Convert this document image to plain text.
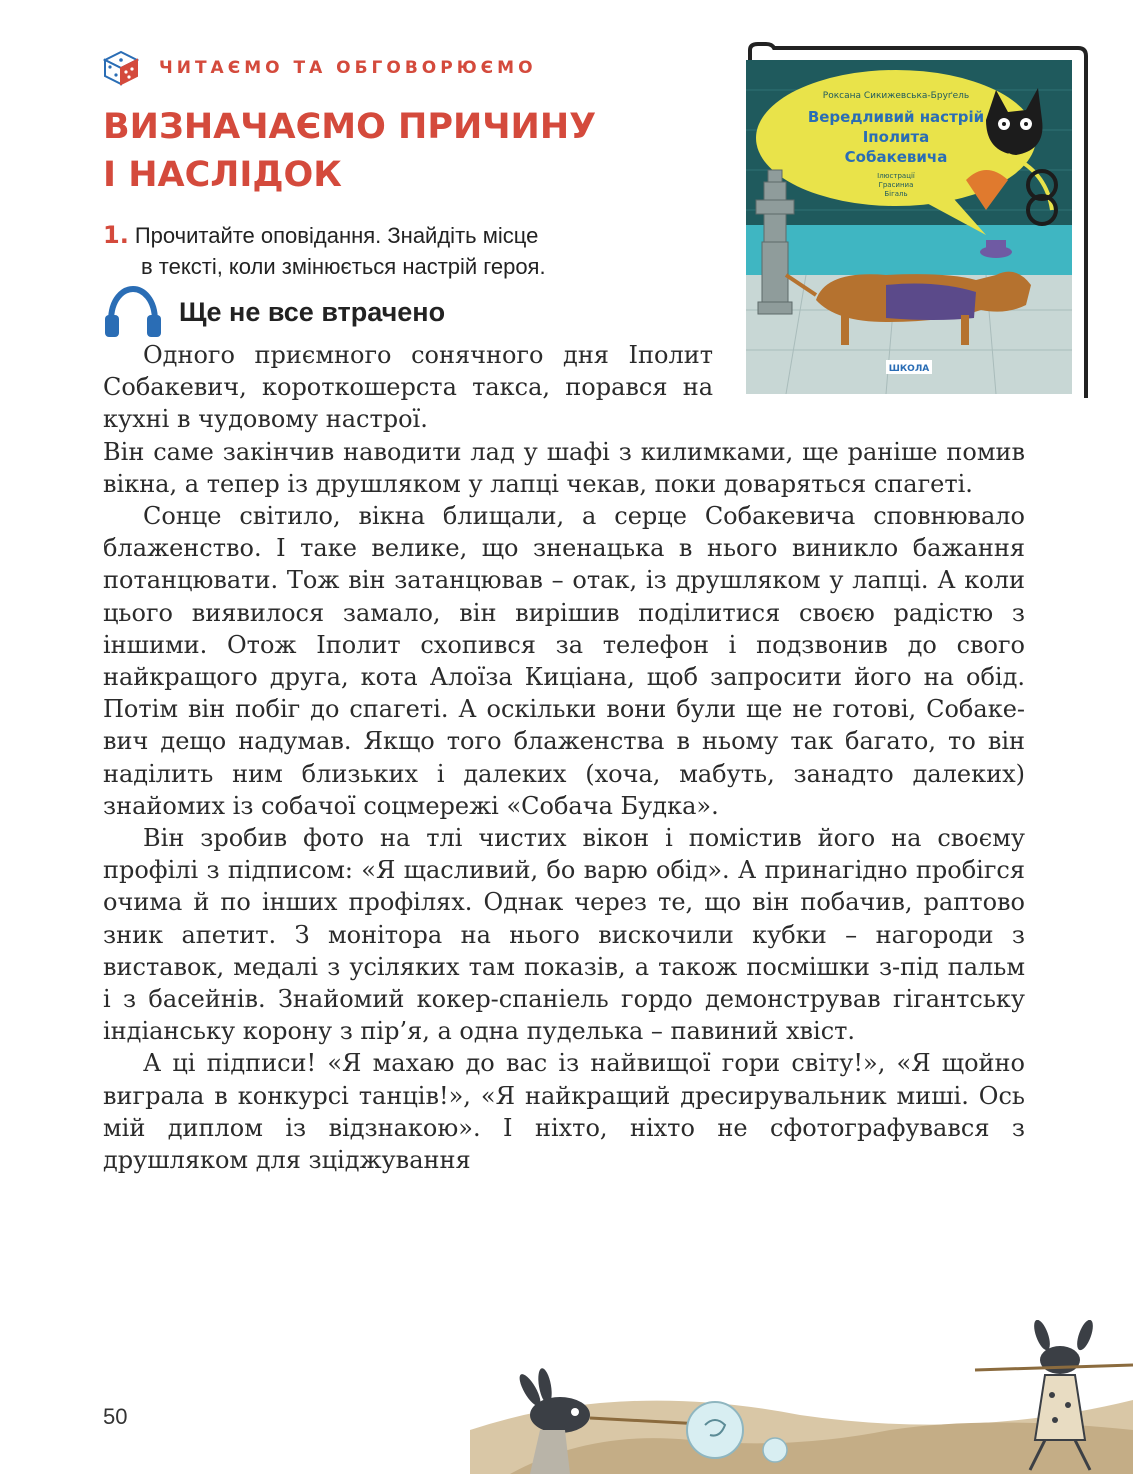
ЧИТАЄМО ТА ОБГОВОРЮЄМО
ВИЗНАЧАЄМО ПРИЧИНУ
І НАСЛІДОК
1. Прочитайте оповідання. Знайдіть місце
в тексті, коли змінюється настрій героя.
Ще не все втрачено
Роксана Сикижевська-Бруґель
Вередливий настрій
Іполита
Собакевича
Ілюстрації
Грасиниа
Бігаль
ШКОЛА

Одного приємного сонячного дня Іполит Собакевич, короткошерста такса, порався на кухні в чудовому настрої.

Він саме закінчив наводити лад у шафі з килимками, ще раніше помив вікна, а тепер із друшляком у лапці чекав, поки доваряться спагеті.

Сонце світило, вікна блищали, а серце Собакевича сповнювало блаженство. І таке велике, що зненацька в нього виникло бажання потанцювати. Тож він затанцював – отак, із друшляком у лапці. А коли цього виявилося замало, він вирішив поділитися своєю радістю з іншими. Отож Іполит схопився за телефон і подзвонив до свого найкращого друга, кота Алоїза Киціана, щоб запросити його на обід. Потім він побіг до спагеті. А оскільки вони були ще не готові, Собакевич дещо надумав. Якщо того блаженства в ньому так багато, то він наділить ним близьких і далеких (хоча, мабуть, занадто далеких) знайомих із собачої соцмережі «Собача Будка».

Він зробив фото на тлі чистих вікон і помістив його на своєму профілі з підписом: «Я щасливий, бо варю обід». А принагідно пробігся очима й по інших профілях. Однак через те, що він побачив, раптово зник апетит. З монітора на нього вискочили кубки – нагороди з виставок, медалі з усіляких там показів, а також посмішки з-під пальм і з басейнів. Знайомий кокер-спаніель гордо демонстрував гігантську індіанську корону з пір’я, а одна пуделька – павиний хвіст.

А ці підписи! «Я махаю до вас із найвищої гори світу!», «Я щойно виграла в конкурсі танців!», «Я найкращий дресирувальник миші. Ось мій диплом із відзнакою». І ніхто, ніхто не сфотографувався з друшляком для зціджування

50
